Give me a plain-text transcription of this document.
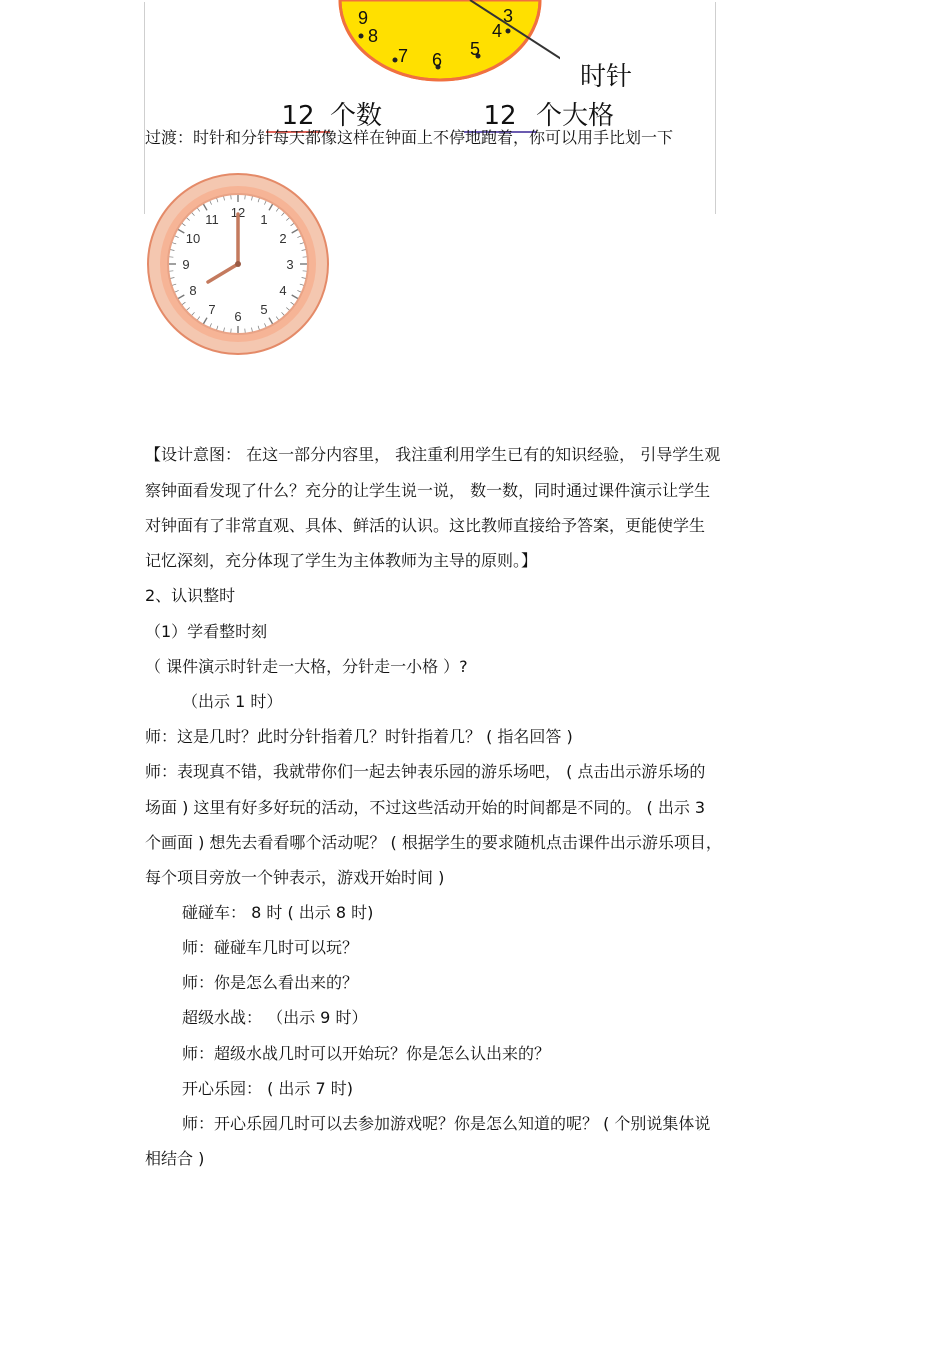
9
8
7 6
5
4
3
时针
12 个数	12 个大格
过渡：时针和分针每天都像这样在钟面上不停地跑着，你可以用手比划一下
12 1
2
3
4
5
6
7
8
9
10
11
【设计意图： 在这一部分内容里， 我注重利用学生已有的知识经验， 引导学生观
察钟面看发现了什么？充分的让学生说一说， 数一数，同时通过课件演示让学生
对钟面有了非常直观、具体、鲜活的认识。这比教师直接给予答案，更能使学生
记忆深刻，充分体现了学生为主体教师为主导的原则。】
2、认识整时
（1）学看整时刻
（ 课件演示时针走一大格，分针走一小格 ）?
（出示 1 时）
师：这是几时？此时分针指着几？时针指着几？ ( 指名回答 )
师：表现真不错，我就带你们一起去钟表乐园的游乐场吧， ( 点击出示游乐场的
场面 ) 这里有好多好玩的活动，不过这些活动开始的时间都是不同的。 ( 出示 3
个画面 ) 想先去看看哪个活动呢？ ( 根据学生的要求随机点击课件出示游乐项目，
每个项目旁放一个钟表示，游戏开始时间 )
碰碰车： 8 时 ( 出示 8 时)
师：碰碰车几时可以玩？
师：你是怎么看出来的？
超级水战： （出示 9 时）
师：超级水战几时可以开始玩？你是怎么认出来的？
开心乐园： ( 出示 7 时)
师：开心乐园几时可以去参加游戏呢？你是怎么知道的呢？ ( 个别说集体说
相结合 )
